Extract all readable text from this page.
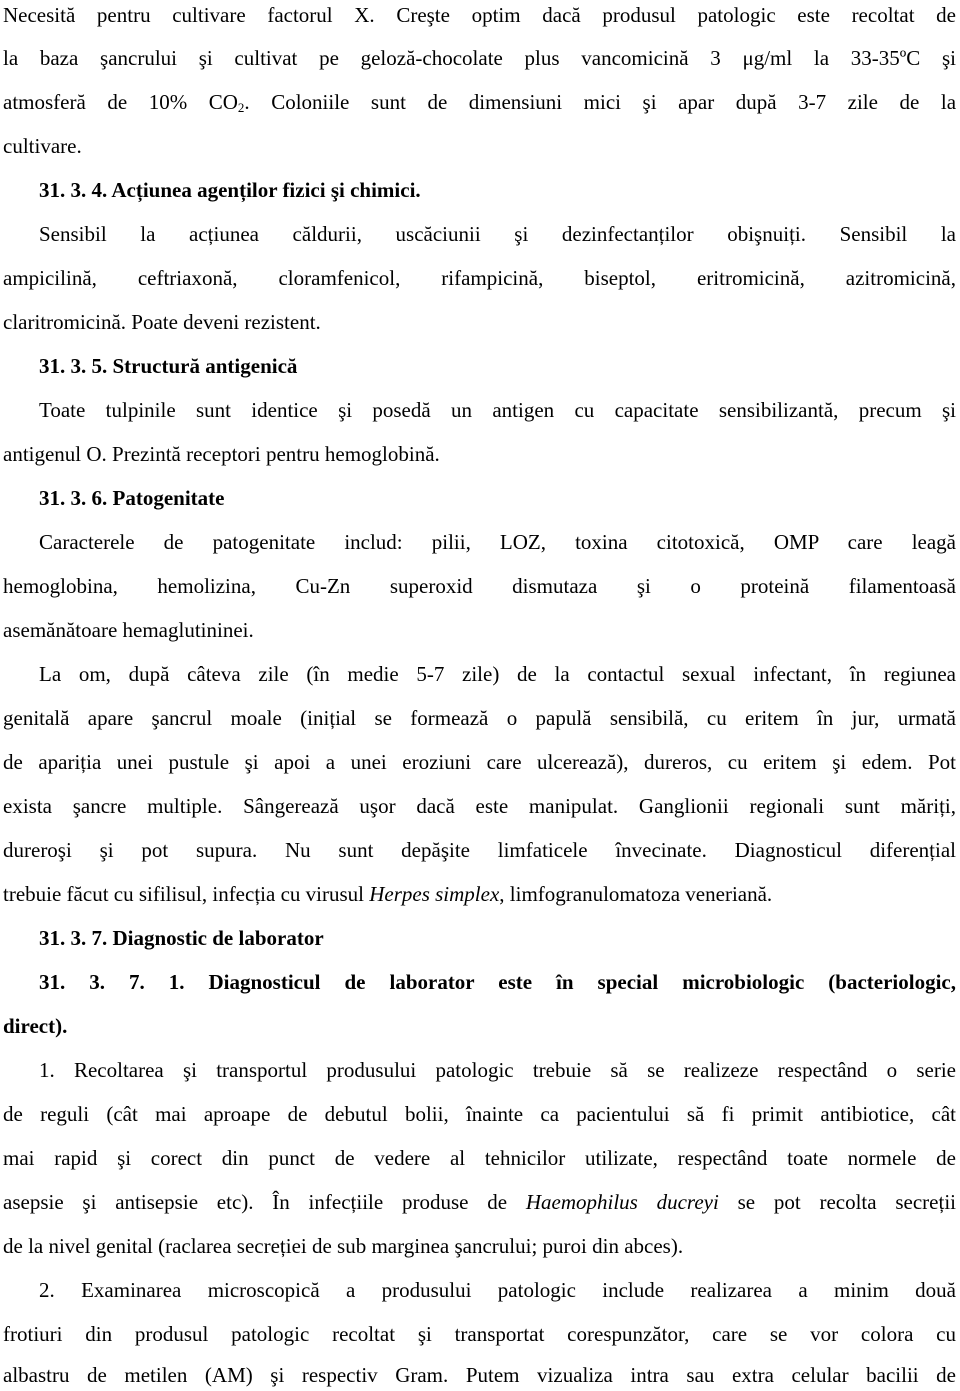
Necesită pentru cultivare factorul X. Creşte optim dacă produsul patologic este recoltat de
la baza şancrului şi cultivat pe geloză-chocolate plus vancomicină 3 μg/ml la 33-35ºC şi
atmosferă de 10% $CO_2$. Coloniile sunt de dimensiuni mici şi apar după 3-7 zile de la
cultivare.
31. 3. 4. Acțiunea agenților fizici şi chimici.
Sensibil la acțiunea căldurii, uscăciunii şi dezinfectanților obişnuiți. Sensibil la
ampicilină, ceftriaxonă, cloramfenicol, rifampicină, biseptol, eritromicină, azitromicină,
claritromicină. Poate deveni rezistent.
31. 3. 5. Structură antigenică
Toate tulpinile sunt identice şi posedă un antigen cu capacitate sensibilizantă, precum şi
antigenul O. Prezintă receptori pentru hemoglobină.
31. 3. 6. Patogenitate
Caracterele de patogenitate includ: pilii, LOZ, toxina citotoxică, OMP care leagă
hemoglobina, hemolizina, Cu-Zn superoxid dismutaza şi o proteină filamentoasă
asemănătoare hemaglutininei.
La om, după câteva zile (în medie 5-7 zile) de la contactul sexual infectant, în regiunea
genitală apare şancrul moale (inițial se formează o papulă sensibilă, cu eritem în jur, urmată
de apariția unei pustule şi apoi a unei eroziuni care ulcerează), dureros, cu eritem şi edem. Pot
exista şancre multiple. Sângerează uşor dacă este manipulat. Ganglionii regionali sunt măriți,
dureroşi şi pot supura. Nu sunt depăşite limfaticele învecinate. Diagnosticul diferențial
trebuie făcut cu sifilisul, infecția cu virusul Herpes simplex, limfogranulomatoza veneriană.
31. 3. 7. Diagnostic de laborator
31. 3. 7. 1. Diagnosticul de laborator este în special microbiologic (bacteriologic,
direct).
1. Recoltarea şi transportul produsului patologic trebuie să se realizeze respectând o serie
de reguli (cât mai aproape de debutul bolii, înainte ca pacientului să fi primit antibiotice, cât
mai rapid şi corect din punct de vedere al tehnicilor utilizate, respectând toate normele de
asepsie şi antisepsie etc). În infecțiile produse de Haemophilus ducreyi se pot recolta secreții
de la nivel genital (raclarea secreției de sub marginea şancrului; puroi din abces).
2. Examinarea microscopică a produsului patologic include realizarea a minim două
frotiuri din produsul patologic recoltat şi transportat corespunzător, care se vor colora cu
albastru de metilen (AM) şi respectiv Gram. Putem vizualiza intra sau extra celular bacilii de
